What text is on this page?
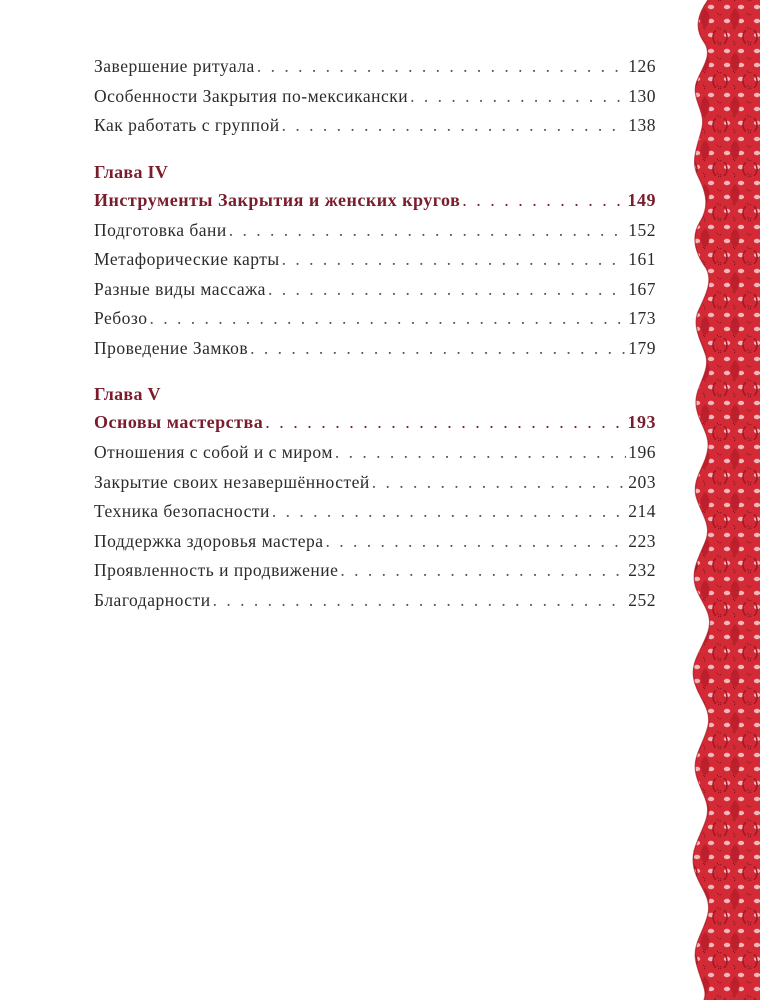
Завершение ритуала . . .	126
Особенности Закрытия по-мексикански . . .	130
Как работать с группой . . .	138
Глава IV
Инструменты Закрытия и женских кругов . . .	149
Подготовка бани . . .	152
Метафорические карты . . .	161
Разные виды массажа . . .	167
Ребозо . . .	173
Проведение Замков . . .	179
Глава V
Основы мастерства . . .	193
Отношения с собой и с миром . . .	196
Закрытие своих незавершённостей . . .	203
Техника безопасности . . .	214
Поддержка здоровья мастера . . .	223
Проявленность и продвижение . . .	232
Благодарности . . .	252
